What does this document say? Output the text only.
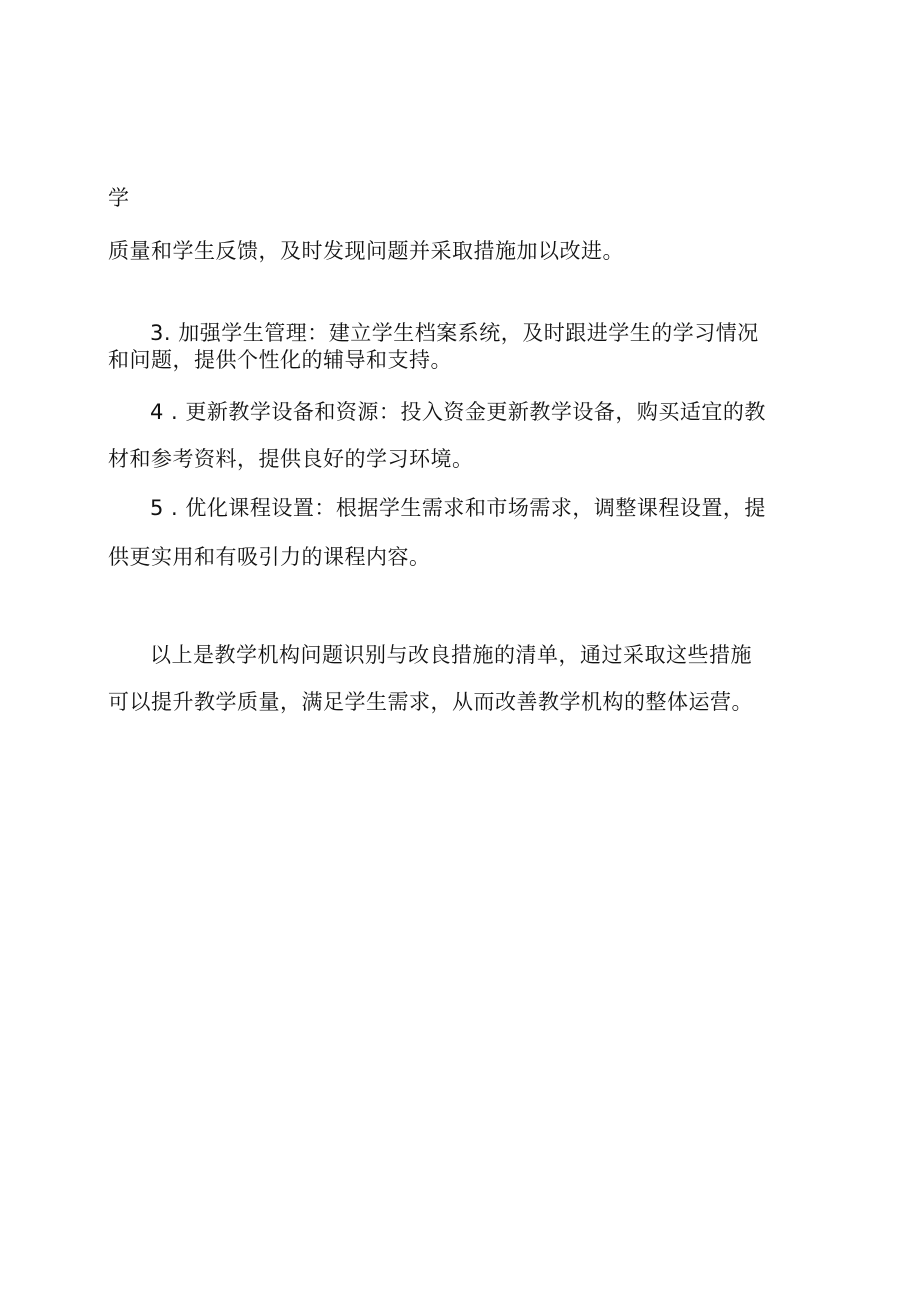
学
质量和学生反馈，及时发现问题并采取措施加以改进。
3. 加强学生管理：建立学生档案系统，及时跟进学生的学习情况
和问题，提供个性化的辅导和支持。
4 . 更新教学设备和资源：投入资金更新教学设备，购买适宜的教
材和参考资料，提供良好的学习环境。
5 . 优化课程设置：根据学生需求和市场需求，调整课程设置，提
供更实用和有吸引力的课程内容。
以上是教学机构问题识别与改良措施的清单，通过采取这些措施
可以提升教学质量，满足学生需求，从而改善教学机构的整体运营。
